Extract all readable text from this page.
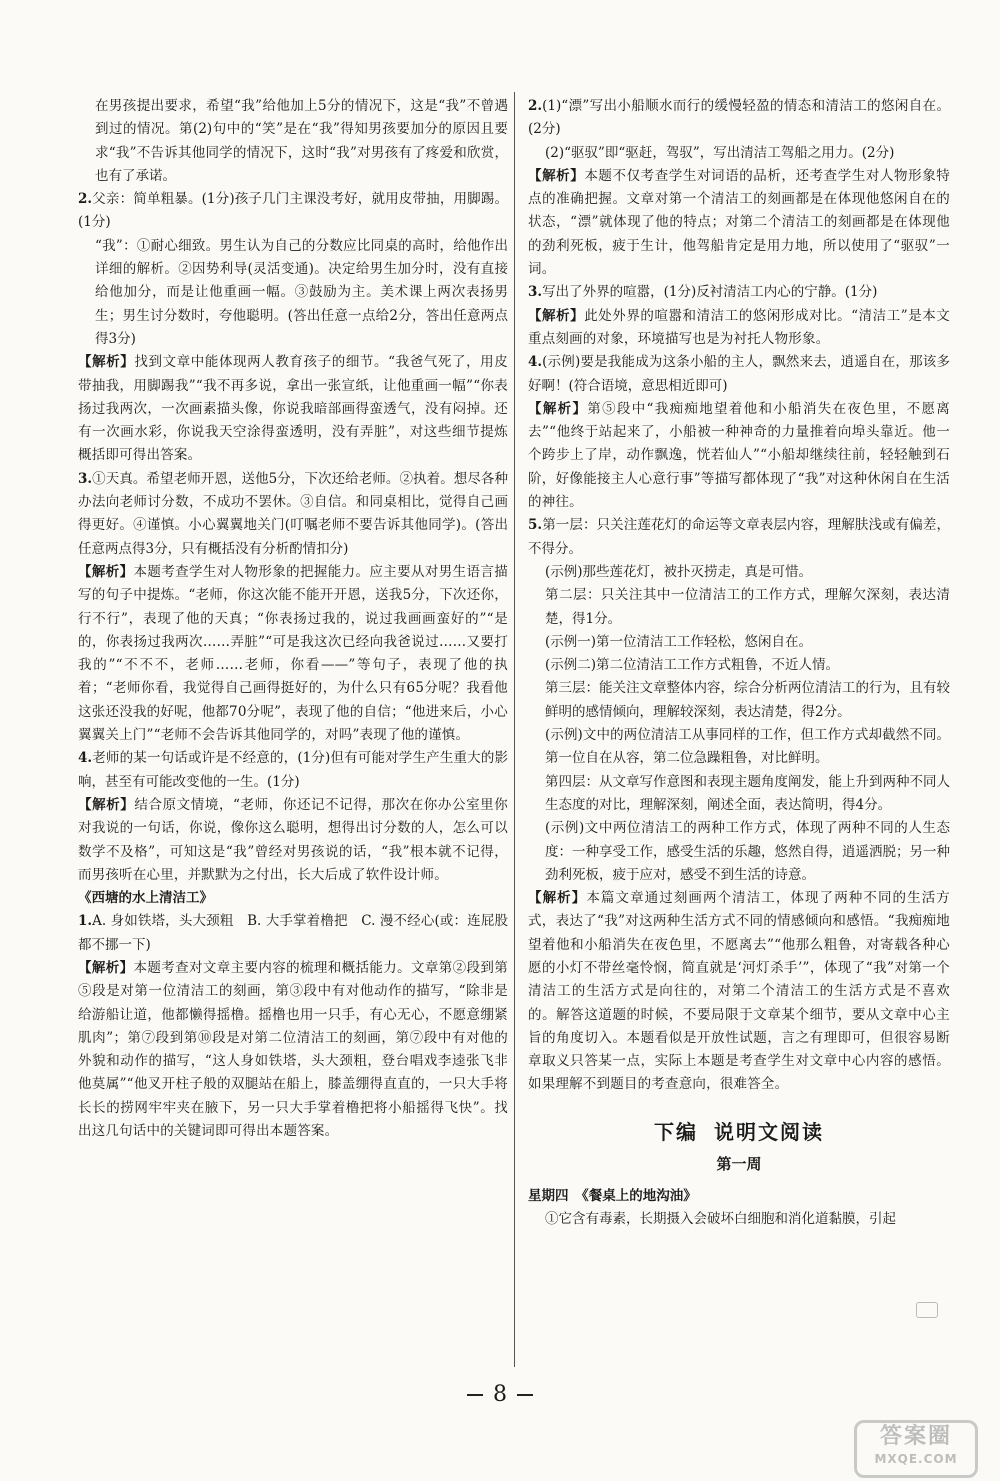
在男孩提出要求，希望“我”给他加上5分的情况下，这是“我”不曾遇到过的情况。第(2)句中的“笑”是在“我”得知男孩要加分的原因且要求“我”不告诉其他同学的情况下，这时“我”对男孩有了疼爱和欣赏，也有了承诺。

2.父亲：简单粗暴。(1分)孩子几门主课没考好，就用皮带抽，用脚踢。(1分)

“我”：①耐心细致。男生认为自己的分数应比同桌的高时，给他作出详细的解析。②因势利导(灵活变通)。决定给男生加分时，没有直接给他加分，而是让他重画一幅。③鼓励为主。美术课上两次表扬男生；男生讨分数时，夸他聪明。(答出任意一点给2分，答出任意两点得3分)

【解析】找到文章中能体现两人教育孩子的细节。“我爸气死了，用皮带抽我，用脚踢我”“我不再多说，拿出一张宣纸，让他重画一幅”“你表扬过我两次，一次画素描头像，你说我暗部画得蛮透气，没有闷掉。还有一次画水彩，你说我天空涂得蛮透明，没有弄脏”，对这些细节提炼概括即可得出答案。

3.①天真。希望老师开恩，送他5分，下次还给老师。②执着。想尽各种办法向老师讨分数，不成功不罢休。③自信。和同桌相比，觉得自己画得更好。④谨慎。小心翼翼地关门(叮嘱老师不要告诉其他同学)。(答出任意两点得3分，只有概括没有分析酌情扣分)

【解析】本题考查学生对人物形象的把握能力。应主要从对男生语言描写的句子中提炼。“老师，你这次能不能开开恩，送我5分，下次还你，行不行”，表现了他的天真；“你表扬过我的，说过我画画蛮好的”“是的，你表扬过我两次……弄脏”“可是我这次已经向我爸说过……又要打我的”“不不不，老师……老师，你看——”等句子，表现了他的执着；“老师你看，我觉得自己画得挺好的，为什么只有65分呢？我看他这张还没我的好呢，他都70分呢”，表现了他的自信；“他进来后，小心翼翼关上门”“老师不会告诉其他同学的，对吗”表现了他的谨慎。

4.老师的某一句话或许是不经意的，(1分)但有可能对学生产生重大的影响，甚至有可能改变他的一生。(1分)

【解析】结合原文情境，“老师，你还记不记得，那次在你办公室里你对我说的一句话，你说，像你这么聪明，想得出讨分数的人，怎么可以数学不及格”，可知这是“我”曾经对男孩说的话，“我”根本就不记得，而男孩听在心里，并默默为之付出，长大后成了软件设计师。

《西塘的水上清洁工》

1.A. 身如铁塔，头大颈粗　B. 大手掌着橹把　C. 漫不经心(或：连屁股都不挪一下)

【解析】本题考查对文章主要内容的梳理和概括能力。文章第②段到第⑤段是对第一位清洁工的刻画，第③段中有对他动作的描写，“除非是给游船让道，他都懒得摇橹。摇橹也用一只手，有心无心，不愿意绷紧肌肉”；第⑦段到第⑩段是对第二位清洁工的刻画，第⑦段中有对他的外貌和动作的描写，“这人身如铁塔，头大颈粗，登台唱戏李逵张飞非他莫属”“他叉开柱子般的双腿站在船上，膝盖绷得直直的，一只大手将长长的捞网牢牢夹在腋下，另一只大手掌着橹把将小船摇得飞快”。找出这几句话中的关键词即可得出本题答案。

2.(1)“漂”写出小船顺水而行的缓慢轻盈的情态和清洁工的悠闲自在。(2分)

(2)“驱驭”即“驱赶，驾驭”，写出清洁工驾船之用力。(2分)

【解析】本题不仅考查学生对词语的品析，还考查学生对人物形象特点的准确把握。文章对第一个清洁工的刻画都是在体现他悠闲自在的状态，“漂”就体现了他的特点；对第二个清洁工的刻画都是在体现他的劲利死板，疲于生计，他驾船肯定是用力地，所以使用了“驱驭”一词。

3.写出了外界的喧嚣，(1分)反衬清洁工内心的宁静。(1分)

【解析】此处外界的喧嚣和清洁工的悠闲形成对比。“清洁工”是本文重点刻画的对象，环境描写也是为衬托人物形象。

4.(示例)要是我能成为这条小船的主人，飘然来去，逍遥自在，那该多好啊！(符合语境，意思相近即可)

【解析】第⑤段中“我痴痴地望着他和小船消失在夜色里，不愿离去”“他终于站起来了，小船被一种神奇的力量推着向埠头靠近。他一个跨步上了岸，动作飘逸，恍若仙人”“小船却继续往前，轻轻触到石阶，好像能接主人心意行事”等描写都体现了“我”对这种休闲自在生活的神往。

5.第一层：只关注莲花灯的命运等文章表层内容，理解肤浅或有偏差，不得分。

(示例)那些莲花灯，被扑灭捞走，真是可惜。

第二层：只关注其中一位清洁工的工作方式，理解欠深刻，表达清楚，得1分。

(示例一)第一位清洁工工作轻松，悠闲自在。

(示例二)第二位清洁工工作方式粗鲁，不近人情。

第三层：能关注文章整体内容，综合分析两位清洁工的行为，且有较鲜明的感情倾向，理解较深刻，表达清楚，得2分。

(示例)文中的两位清洁工从事同样的工作，但工作方式却截然不同。第一位自在从容，第二位急躁粗鲁，对比鲜明。

第四层：从文章写作意图和表现主题角度阐发，能上升到两种不同人生态度的对比，理解深刻，阐述全面，表达简明，得4分。

(示例)文中两位清洁工的两种工作方式，体现了两种不同的人生态度：一种享受工作，感受生活的乐趣，悠然自得，逍遥洒脱；另一种劲利死板，疲于应对，感受不到生活的诗意。

【解析】本篇文章通过刻画两个清洁工，体现了两种不同的生活方式，表达了“我”对这两种生活方式不同的情感倾向和感悟。“我痴痴地望着他和小船消失在夜色里，不愿离去”“他那么粗鲁，对寄载各种心愿的小灯不带丝毫怜悯，简直就是‘河灯杀手’”，体现了“我”对第一个清洁工的生活方式是向往的，对第二个清洁工的生活方式是不喜欢的。解答这道题的时候，不要局限于文章某个细节，要从文章中心主旨的角度切入。本题看似是开放性试题，言之有理即可，但很容易断章取义只答某一点，实际上本题是考查学生对文章中心内容的感悟。如果理解不到题目的考查意向，很难答全。

下编 说明文阅读
第一周

星期四　 《餐桌上的地沟油》

①它含有毒素，长期摄入会破坏白细胞和消化道黏膜，引起

8
答案圈
MXQE.COM
